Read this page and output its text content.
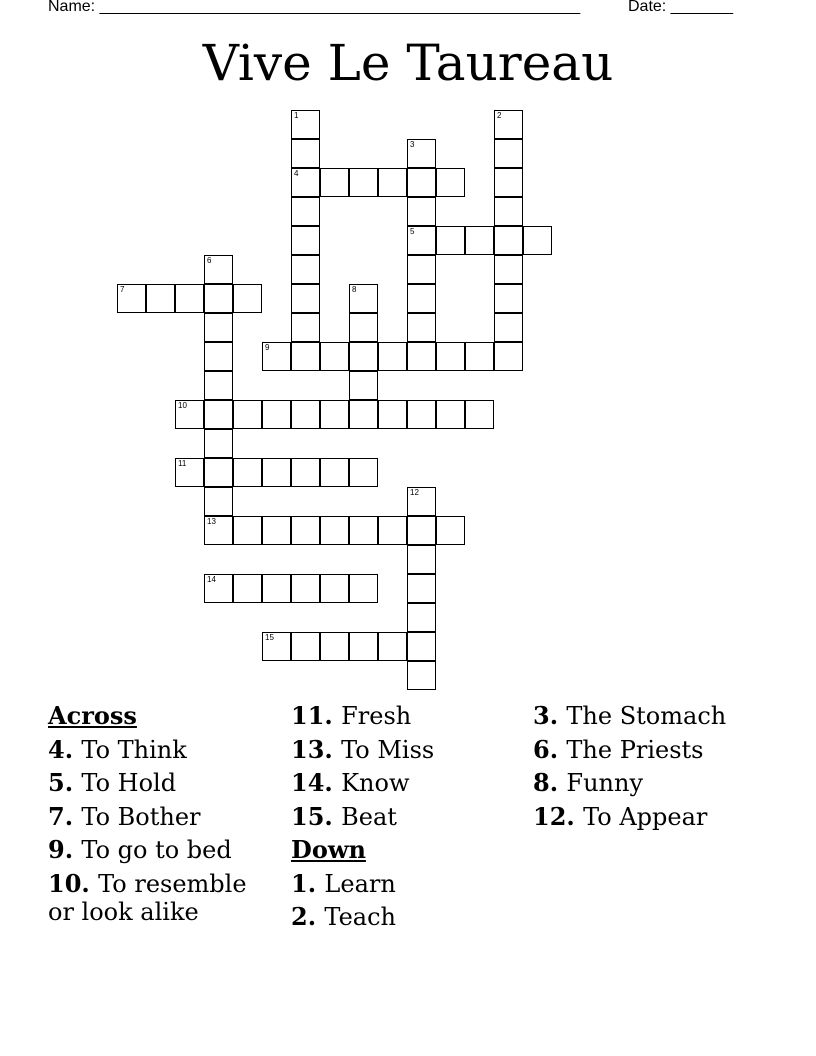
Name: ______________________________________________________	Date: _______
Vive Le Taureau
4
5
7
9
10
11
13
14
15
1	2
3
6
8
12
Across
4. To Think
5. To Hold
7. To Bother
9. To go to bed
10. To resemble or look alike
11. Fresh
13. To Miss
14. Know
15. Beat
Down
1. Learn
2. Teach
3. The Stomach
6. The Priests
8. Funny
12. To Appear
